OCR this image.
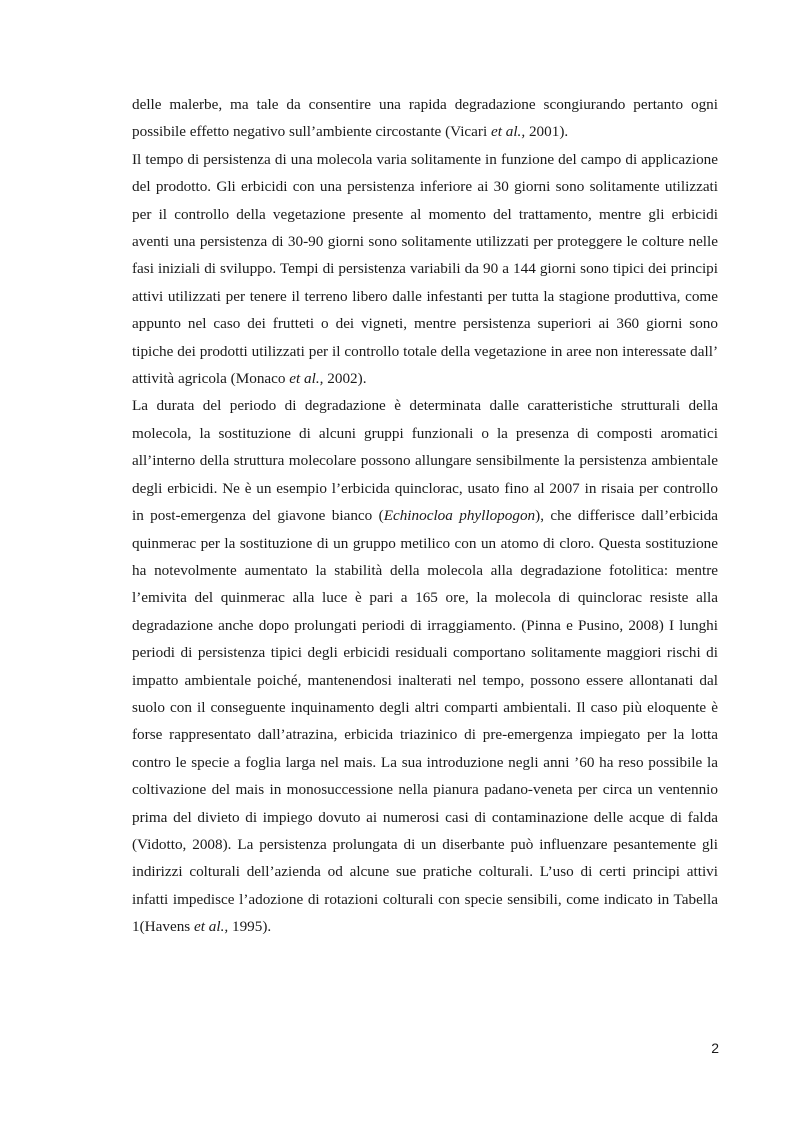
delle malerbe, ma tale da consentire una rapida degradazione scongiurando pertanto ogni possibile effetto negativo sull’ambiente circostante (Vicari et al., 2001).

Il tempo di persistenza di una molecola varia solitamente in funzione del campo di applicazione del prodotto. Gli erbicidi con una persistenza inferiore ai 30 giorni sono solitamente utilizzati per il controllo della vegetazione presente al momento del trattamento, mentre gli erbicidi aventi una persistenza di 30-90 giorni sono solitamente utilizzati per proteggere le colture nelle fasi iniziali di sviluppo. Tempi di persistenza variabili da 90 a 144 giorni sono tipici dei principi attivi utilizzati per tenere il terreno libero dalle infestanti per tutta la stagione produttiva, come appunto nel caso dei frutteti o dei vigneti, mentre persistenza superiori ai 360 giorni sono tipiche dei prodotti utilizzati per il controllo totale della vegetazione in aree non interessate dall’ attività agricola (Monaco et al., 2002).

La durata del periodo di degradazione è determinata dalle caratteristiche strutturali della molecola, la sostituzione di alcuni gruppi funzionali o la presenza di composti aromatici all’interno della struttura molecolare possono allungare sensibilmente la persistenza ambientale degli erbicidi. Ne è un esempio l’erbicida quinclorac, usato fino al 2007 in risaia per controllo in post-emergenza del giavone bianco (Echinocloa phyllopogon), che differisce dall’erbicida quinmerac per la sostituzione di un gruppo metilico con un atomo di cloro. Questa sostituzione ha notevolmente aumentato la stabilità della molecola alla degradazione fotolitica: mentre l’emivita del quinmerac alla luce è pari a 165 ore, la molecola di quinclorac resiste alla degradazione anche dopo prolungati periodi di irraggiamento. (Pinna e Pusino, 2008) I lunghi periodi di persistenza tipici degli erbicidi residuali comportano solitamente maggiori rischi di impatto ambientale poiché, mantenendosi inalterati nel tempo, possono essere allontanati dal suolo con il conseguente inquinamento degli altri comparti ambientali. Il caso più eloquente è forse rappresentato dall’atrazina, erbicida triazinico di pre-emergenza impiegato per la lotta contro le specie a foglia larga nel mais. La sua introduzione negli anni ’60 ha reso possibile la coltivazione del mais in monosuccessione nella pianura padano-veneta per circa un ventennio prima del divieto di impiego dovuto ai numerosi casi di contaminazione delle acque di falda (Vidotto, 2008). La persistenza prolungata di un diserbante può influenzare pesantemente gli indirizzi colturali dell’azienda od alcune sue pratiche colturali. L’uso di certi principi attivi infatti impedisce l’adozione di rotazioni colturali con specie sensibili, come indicato in Tabella 1(Havens et al., 1995).

2
